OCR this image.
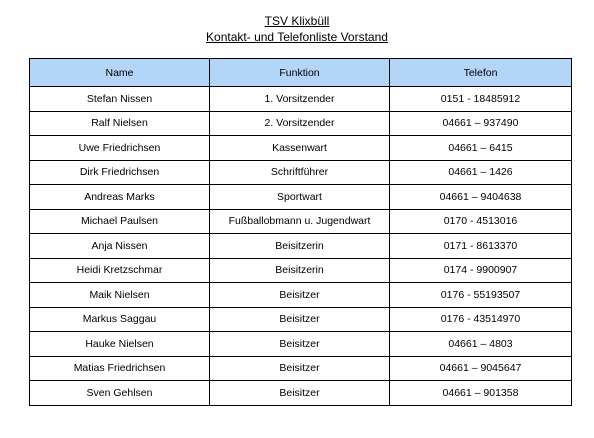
TSV Klixbüll
Kontakt- und Telefonliste Vorstand
Name	Funktion	Telefon
Stefan Nissen	1. Vorsitzender	0151 - 18485912
Ralf Nielsen	2. Vorsitzender	04661 – 937490
Uwe Friedrichsen	Kassenwart	04661 – 6415
Dirk Friedrichsen	Schriftführer	04661 – 1426
Andreas Marks	Sportwart	04661 – 9404638
Michael Paulsen	Fußballobmann u. Jugendwart	0170 - 4513016
Anja Nissen	Beisitzerin	0171 - 8613370
Heidi Kretzschmar	Beisitzerin	0174 - 9900907
Maik Nielsen	Beisitzer	0176 - 55193507
Markus Saggau	Beisitzer	0176 - 43514970
Hauke Nielsen	Beisitzer	04661 – 4803
Matias Friedrichsen	Beisitzer	04661 – 9045647
Sven Gehlsen	Beisitzer	04661 – 901358
